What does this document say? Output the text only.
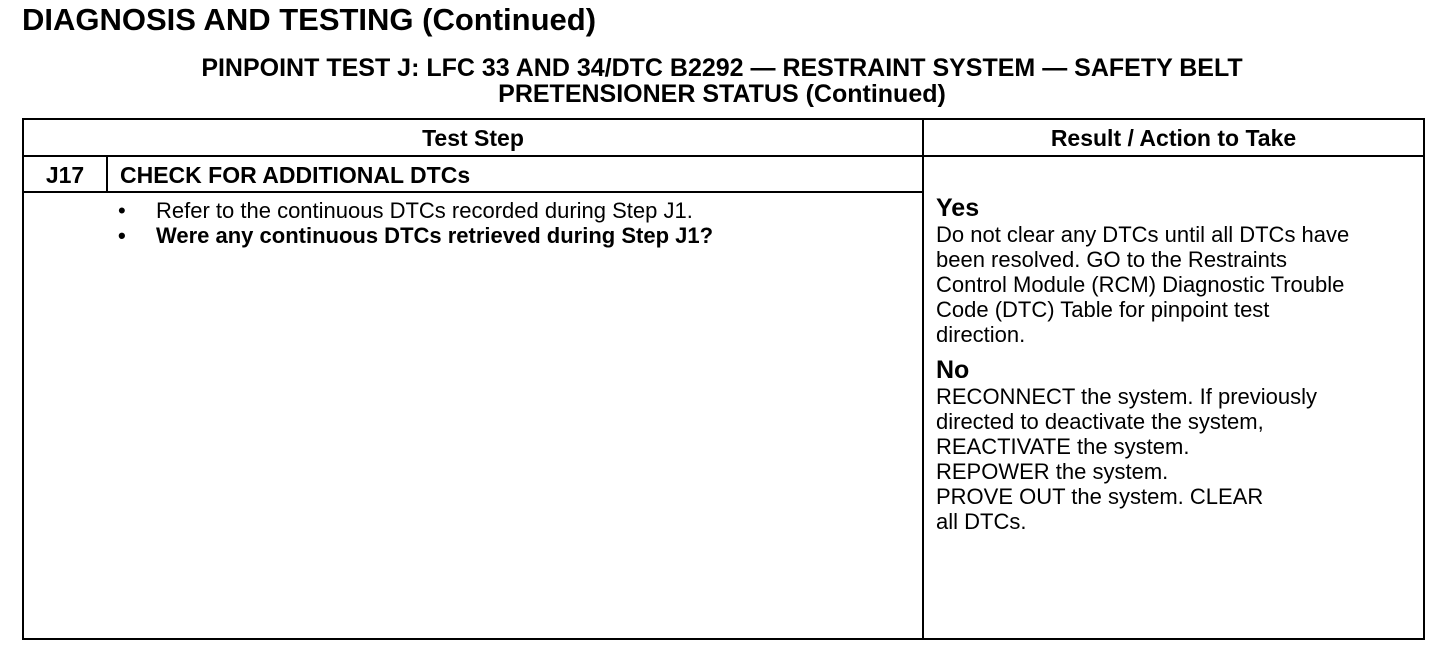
DIAGNOSIS AND TESTING (Continued)
PINPOINT TEST J: LFC 33 AND 34/DTC B2292 — RESTRAINT SYSTEM — SAFETY BELT
PRETENSIONER STATUS (Continued)
Test Step	Result / Action to Take
J17	CHECK FOR ADDITIONAL DTCs
• Refer to the continuous DTCs recorded during Step J1.
• Were any continuous DTCs retrieved during Step J1?
Yes
Do not clear any DTCs until all DTCs have
been resolved. GO to the Restraints
Control Module (RCM) Diagnostic Trouble
Code (DTC) Table for pinpoint test
direction.
No
RECONNECT the system. If previously
directed to deactivate the system,
REACTIVATE the system.
REPOWER the system.
PROVE OUT the system. CLEAR
all DTCs.
